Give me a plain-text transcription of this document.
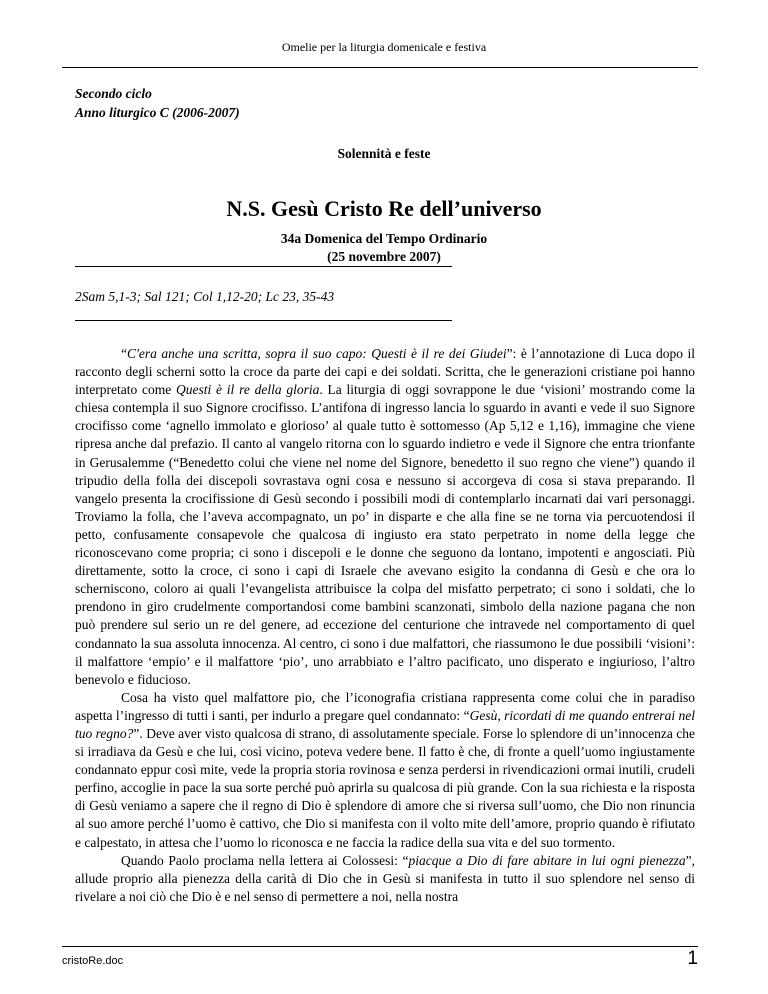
Omelie per la liturgia domenicale e festiva
Secondo ciclo
Anno liturgico C (2006-2007)
Solennità e feste
N.S. Gesù Cristo Re dell’universo
34a Domenica del Tempo Ordinario
(25 novembre 2007)
2Sam 5,1-3; Sal 121; Col 1,12-20; Lc 23, 35-43

“C'era anche una scritta, sopra il suo capo: Questi è il re dei Giudei”: è l’annotazione di Luca dopo il racconto degli scherni sotto la croce da parte dei capi e dei soldati. Scritta, che le generazioni cristiane poi hanno interpretato come Questi è il re della gloria. La liturgia di oggi sovrappone le due ‘visioni’ mostrando come la chiesa contempla il suo Signore crocifisso. L’antifona di ingresso lancia lo sguardo in avanti e vede il suo Signore crocifisso come ‘agnello immolato e glorioso’ al quale tutto è sottomesso (Ap 5,12 e 1,16), immagine che viene ripresa anche dal prefazio. Il canto al vangelo ritorna con lo sguardo indietro e vede il Signore che entra trionfante in Gerusalemme (“Benedetto colui che viene nel nome del Signore, benedetto il suo regno che viene”) quando il tripudio della folla dei discepoli sovrastava ogni cosa e nessuno si accorgeva di cosa si stava preparando. Il vangelo presenta la crocifissione di Gesù secondo i possibili modi di contemplarlo incarnati dai vari personaggi. Troviamo la folla, che l’aveva accompagnato, un po’ in disparte e che alla fine se ne torna via percuotendosi il petto, confusamente consapevole che qualcosa di ingiusto era stato perpetrato in nome della legge che riconoscevano come propria; ci sono i discepoli e le donne che seguono da lontano, impotenti e angosciati. Più direttamente, sotto la croce, ci sono i capi di Israele che avevano esigito la condanna di Gesù e che ora lo scherniscono, coloro ai quali l’evangelista attribuisce la colpa del misfatto perpetrato; ci sono i soldati, che lo prendono in giro crudelmente comportandosi come bambini scanzonati, simbolo della nazione pagana che non può prendere sul serio un re del genere, ad eccezione del centurione che intravede nel comportamento di quel condannato la sua assoluta innocenza. Al centro, ci sono i due malfattori, che riassumono le due possibili ‘visioni’: il malfattore ‘empio’ e il malfattore ‘pio’, uno arrabbiato e l’altro pacificato, uno disperato e ingiurioso, l’altro benevolo e fiducioso.

Cosa ha visto quel malfattore pio, che l’iconografia cristiana rappresenta come colui che in paradiso aspetta l’ingresso di tutti i santi, per indurlo a pregare quel condannato: “Gesù, ricordati di me quando entrerai nel tuo regno?”. Deve aver visto qualcosa di strano, di assolutamente speciale. Forse lo splendore di un’innocenza che si irradiava da Gesù e che lui, così vicino, poteva vedere bene. Il fatto è che, di fronte a quell’uomo ingiustamente condannato eppur così mite, vede la propria storia rovinosa e senza perdersi in rivendicazioni ormai inutili, crudeli perfino, accoglie in pace la sua sorte perché può aprirla su qualcosa di più grande. Con la sua richiesta e la risposta di Gesù veniamo a sapere che il regno di Dio è splendore di amore che si riversa sull’uomo, che Dio non rinuncia al suo amore perché l’uomo è cattivo, che Dio si manifesta con il volto mite dell’amore, proprio quando è rifiutato e calpestato, in attesa che l’uomo lo riconosca e ne faccia la radice della sua vita e del suo tormento.

Quando Paolo proclama nella lettera ai Colossesi: “piacque a Dio di fare abitare in lui ogni pienezza”, allude proprio alla pienezza della carità di Dio che in Gesù si manifesta in tutto il suo splendore nel senso di rivelare a noi ciò che Dio è e nel senso di permettere a noi, nella nostra

cristoRe.doc	1
